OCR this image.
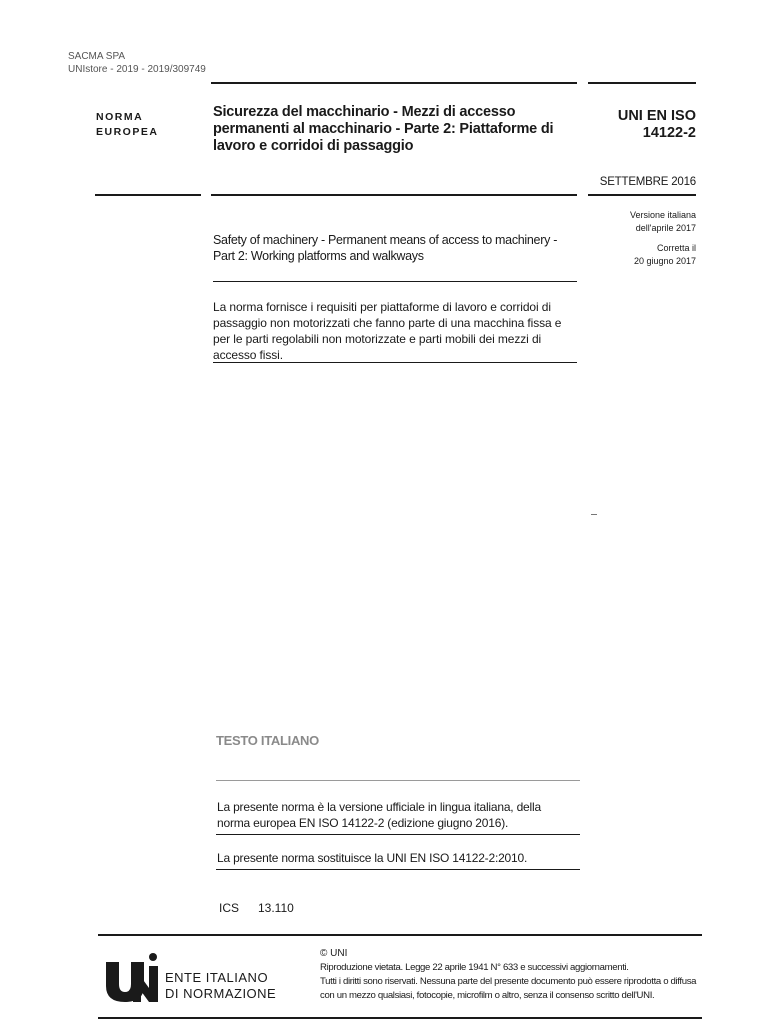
SACMA SPA
UNIstore - 2019 - 2019/309749
NORMA
EUROPEA
Sicurezza del macchinario - Mezzi di accesso
permanenti al macchinario - Parte 2: Piattaforme di
lavoro e corridoi di passaggio
UNI EN ISO
14122-2
SETTEMBRE 2016
Versione italiana
dell'aprile 2017
Corretta il
20 giugno 2017
Safety of machinery - Permanent means of access to machinery -
Part 2: Working platforms and walkways
La norma fornisce i requisiti per piattaforme di lavoro e corridoi di
passaggio non motorizzati che fanno parte di una macchina fissa e
per le parti regolabili non motorizzate e parti mobili dei mezzi di
accesso fissi.
TESTO ITALIANO
La presente norma è la versione ufficiale in lingua italiana, della
norma europea EN ISO 14122-2 (edizione giugno 2016).
La presente norma sostituisce la UNI EN ISO 14122-2:2010.
ICS 13.110
ENTE ITALIANO
DI NORMAZIONE
© UNI
Riproduzione vietata. Legge 22 aprile 1941 N° 633 e successivi aggiornamenti.
Tutti i diritti sono riservati. Nessuna parte del presente documento può essere riprodotta o diffusa
con un mezzo qualsiasi, fotocopie, microfilm o altro, senza il consenso scritto dell'UNI.
